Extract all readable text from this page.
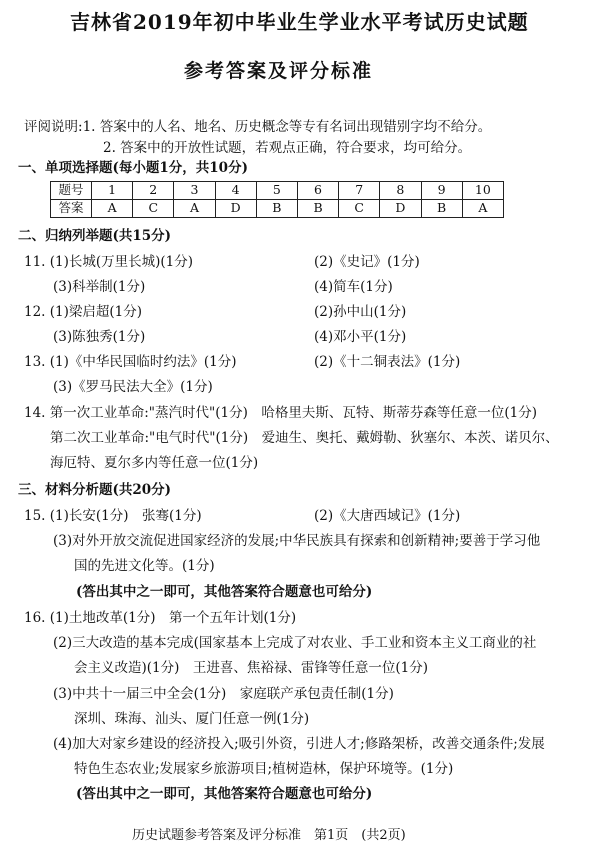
吉林省2019年初中毕业生学业水平考试历史试题
参考答案及评分标准
评阅说明:1. 答案中的人名、地名、历史概念等专有名词出现错别字均不给分。
2. 答案中的开放性试题，若观点正确，符合要求，均可给分。
一、单项选择题(每小题1分，共10分)
题号	1	2	3	4	5	6	7	8	9	10
答案	A	C	A	D	B	B	C	D	B	A
二、归纳列举题(共15分)
11. (1)长城(万里长城)(1分)	(2)《史记》(1分)
(3)科举制(1分)	(4)简车(1分)
12. (1)梁启超(1分)	(2)孙中山(1分)
(3)陈独秀(1分)	(4)邓小平(1分)
13. (1)《中华民国临时约法》(1分)	(2)《十二铜表法》(1分)
(3)《罗马民法大全》(1分)
14. 第一次工业革命:"蒸汽时代"(1分)　哈格里夫斯、瓦特、斯蒂芬森等任意一位(1分)
第二次工业革命:"电气时代"(1分)　爱迪生、奥托、戴姆勒、狄塞尔、本茨、诺贝尔、
海厄特、夏尔多内等任意一位(1分)
三、材料分析题(共20分)
15. (1)长安(1分)　张骞(1分)	(2)《大唐西域记》(1分)
(3)对外开放交流促进国家经济的发展;中华民族具有探索和创新精神;要善于学习他
国的先进文化等。(1分)
(答出其中之一即可，其他答案符合题意也可给分)
16. (1)土地改革(1分)　第一个五年计划(1分)
(2)三大改造的基本完成(国家基本上完成了对农业、手工业和资本主义工商业的社
会主义改造)(1分)　王进喜、焦裕禄、雷锋等任意一位(1分)
(3)中共十一届三中全会(1分)　家庭联产承包责任制(1分)
深圳、珠海、汕头、厦门任意一例(1分)
(4)加大对家乡建设的经济投入;吸引外资，引进人才;修路架桥，改善交通条件;发展
特色生态农业;发展家乡旅游项目;植树造林，保护环境等。(1分)
(答出其中之一即可，其他答案符合题意也可给分)
历史试题参考答案及评分标准　第1页　(共2页)
